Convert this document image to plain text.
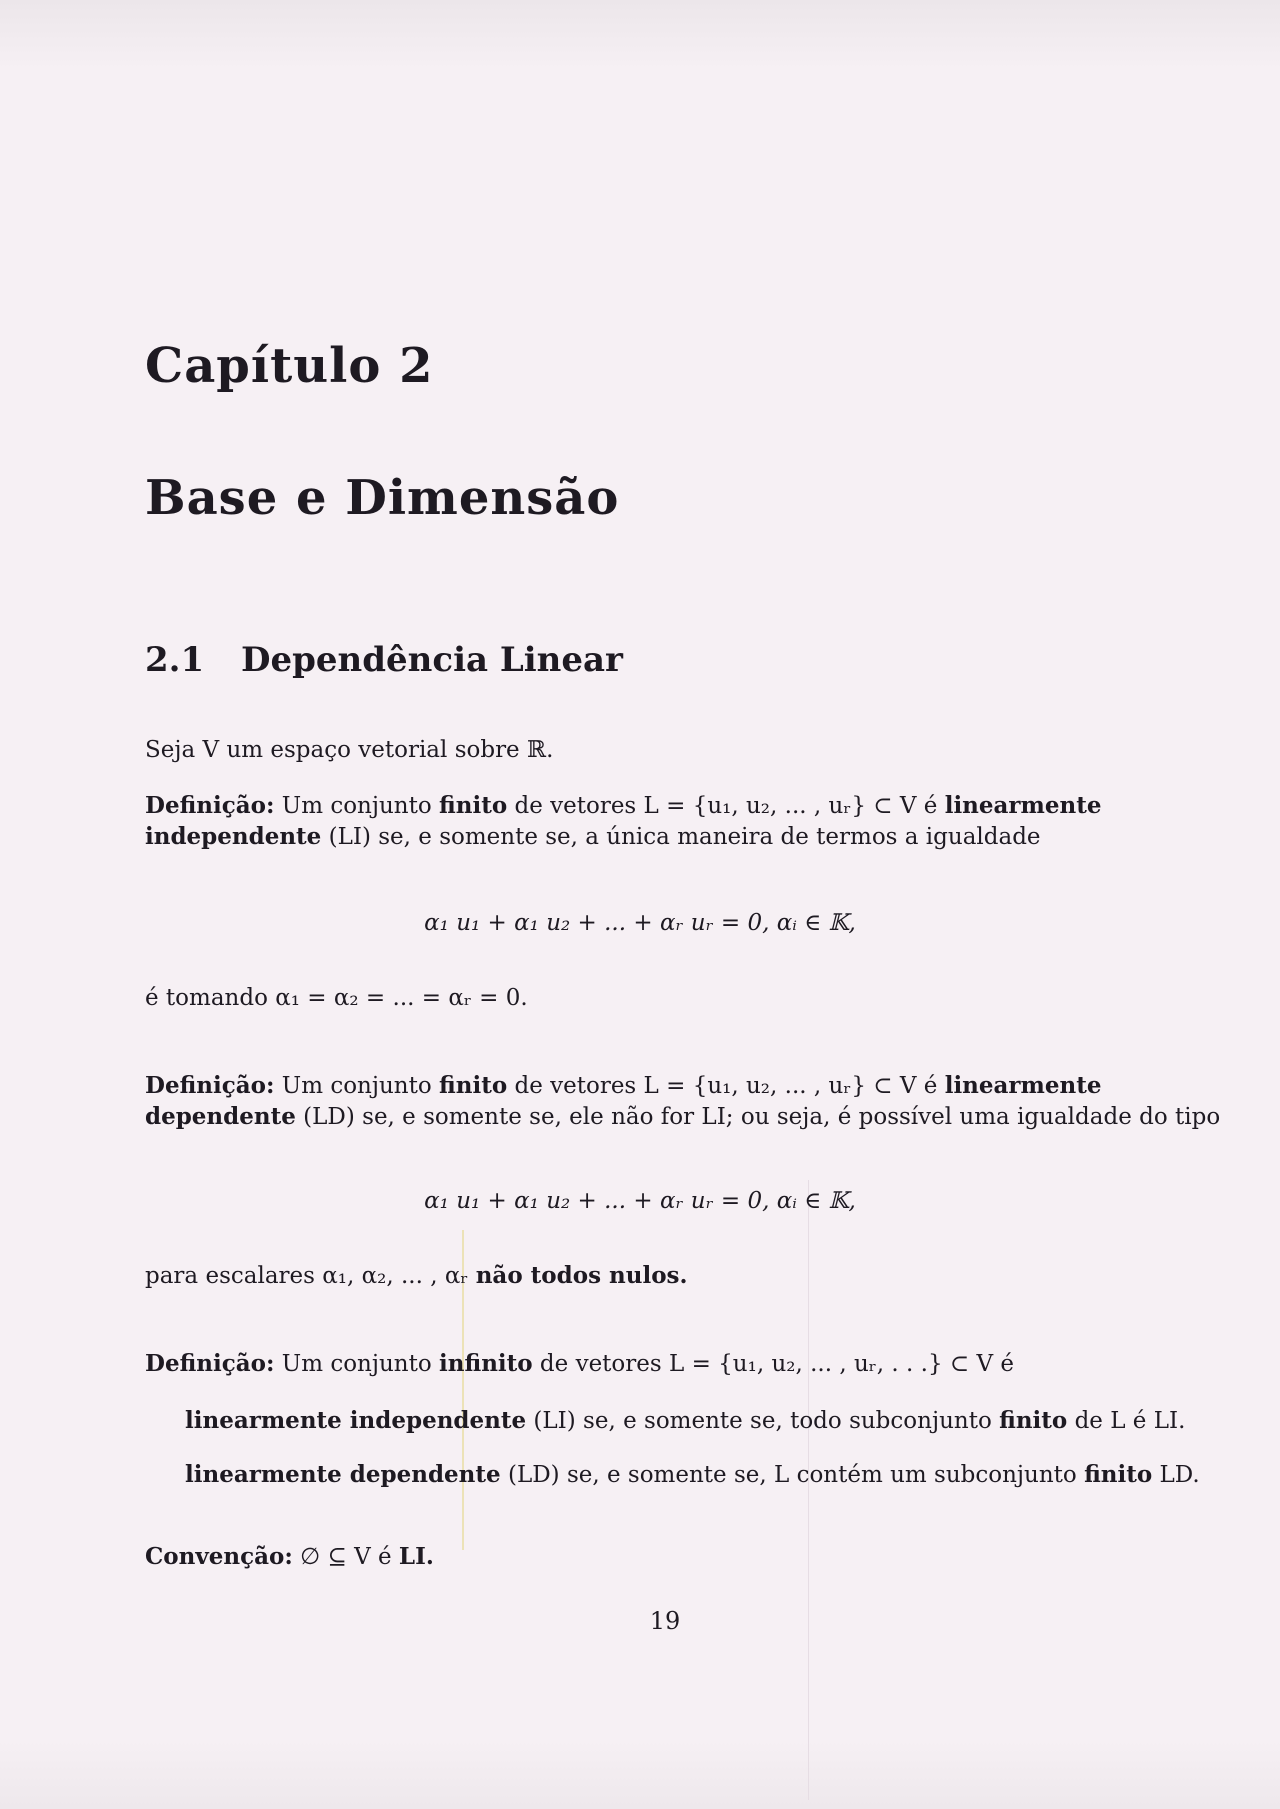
Capítulo 2
Base e Dimensão
2.1 Dependência Linear
Seja V um espaço vetorial sobre ℝ.
Definição: Um conjunto finito de vetores L = {u₁, u₂, ... , uᵣ} ⊂ V é linearmente
independente (LI) se, e somente se, a única maneira de termos a igualdade
α₁ u₁ + α₁ u₂ + ... + αᵣ uᵣ = 0, αᵢ ∈ 𝕂,
é tomando α₁ = α₂ = ... = αᵣ = 0.
Definição: Um conjunto finito de vetores L = {u₁, u₂, ... , uᵣ} ⊂ V é linearmente
dependente (LD) se, e somente se, ele não for LI; ou seja, é possível uma igualdade do tipo
α₁ u₁ + α₁ u₂ + ... + αᵣ uᵣ = 0, αᵢ ∈ 𝕂,
para escalares α₁, α₂, ... , αᵣ não todos nulos.
Definição: Um conjunto infinito de vetores L = {u₁, u₂, ... , uᵣ, . . .} ⊂ V é
linearmente independente (LI) se, e somente se, todo subconjunto finito de L é LI.
linearmente dependente (LD) se, e somente se, L contém um subconjunto finito LD.
Convenção: ∅ ⊆ V é LI.
19
